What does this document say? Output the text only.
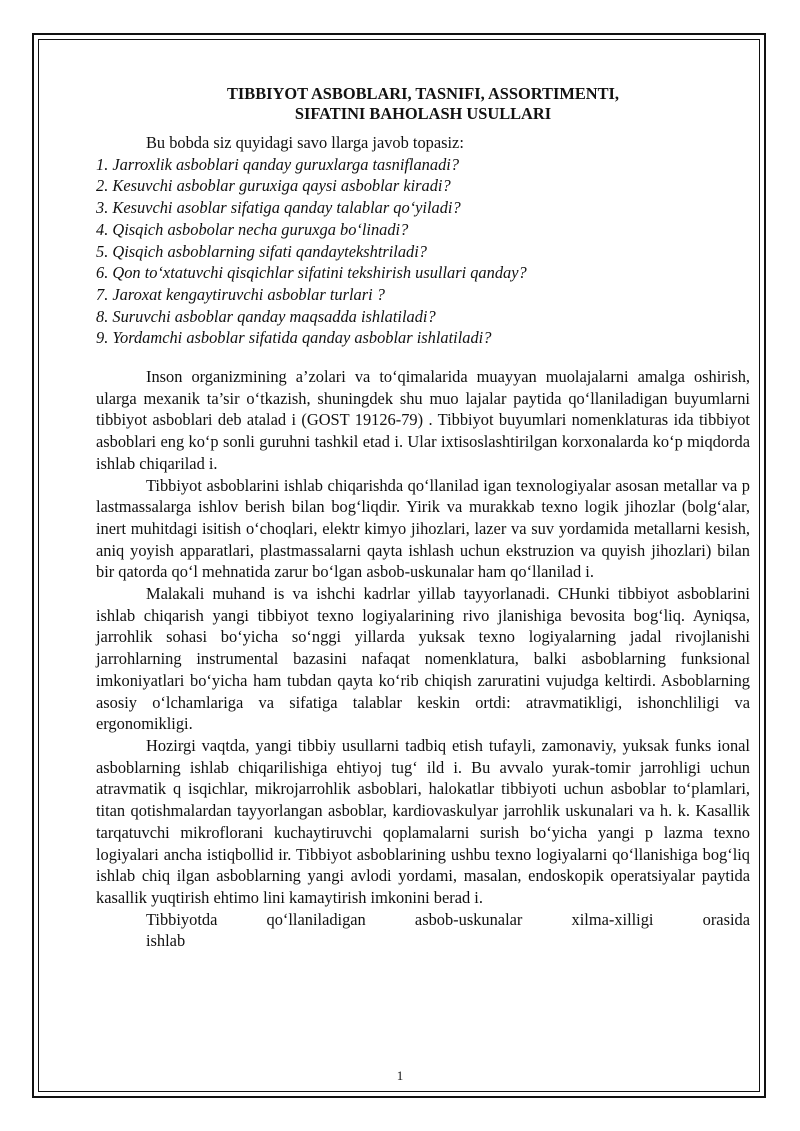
TIBBIYOT ASBOBLARI, TASNIFI, ASSORTIMENTI,
SIFATINI BAHOLASH USULLARI

Bu bobda siz quyidagi savo llarga javob topasiz:

1. Jarroxlik asboblari qanday guruxlarga tasniflanadi?
2. Kesuvchi asboblar guruxiga qaysi asboblar kiradi?
3. Kesuvchi asoblar sifatiga qanday talablar qo‘yiladi?
4. Qisqich asbobolar necha guruxga bo‘linadi?
5. Qisqich asboblarning sifati qandaytekshtriladi?
6. Qon to‘xtatuvchi qisqichlar sifatini tekshirish usullari qanday?
7. Jaroxat kengaytiruvchi asboblar turlari ?
8. Suruvchi asboblar qanday maqsadda ishlatiladi?
9. Yordamchi asboblar sifatida qanday asboblar ishlatiladi?

Inson organizmining a’zolari va to‘qimalarida muayyan muolajalarni amalga oshirish, ularga mexanik ta’sir o‘tkazish, shuningdek shu muo lajalar paytida qo‘llaniladigan buyumlarni tibbiyot asboblari deb atalad i (GOST 19126-79) . Tibbiyot buyumlari nomenklaturas ida tibbiyot asboblari eng ko‘p sonli guruhni tashkil etad i. Ular ixtisoslashtirilgan korxonalarda ko‘p miqdorda ishlab chiqarilad i.

Tibbiyot asboblarini ishlab chiqarishda qo‘llanilad igan texnologiyalar asosan metallar va p lastmassalarga ishlov berish bilan bog‘liqdir. Yirik va murakkab texno logik jihozlar (bolg‘alar, inert muhitdagi isitish o‘choqlari, elektr kimyo jihozlari, lazer va suv yordamida metallarni kesish, aniq yoyish apparatlari, plastmassalarni qayta ishlash uchun ekstruzion va quyish jihozlari) bilan bir qatorda qo‘l mehnatida zarur bo‘lgan asbob-uskunalar ham qo‘llanilad i.

Malakali muhand is va ishchi kadrlar yillab tayyorlanadi. CHunki tibbiyot asboblarini ishlab chiqarish yangi tibbiyot texno logiyalarining rivo jlanishiga bevosita bog‘liq. Ayniqsa, jarrohlik sohasi bo‘yicha so‘nggi yillarda yuksak texno logiyalarning jadal rivojlanishi jarrohlarning instrumental bazasini nafaqat nomenklatura, balki asboblarning funksional imkoniyatlari bo‘yicha ham tubdan qayta ko‘rib chiqish zaruratini vujudga keltirdi. Asboblarning asosiy o‘lchamlariga va sifatiga talablar keskin ortdi: atravmatikligi, ishonchliligi va ergonomikligi.

Hozirgi vaqtda, yangi tibbiy usullarni tadbiq etish tufayli, zamonaviy, yuksak funks ional asboblarning ishlab chiqarilishiga ehtiyoj tug‘ ild i. Bu avvalo yurak-tomir jarrohligi uchun atravmatik q isqichlar, mikrojarrohlik asboblari, halokatlar tibbiyoti uchun asboblar to‘plamlari, titan qotishmalardan tayyorlangan asboblar, kardiovaskulyar jarrohlik uskunalari va h. k. Kasallik tarqatuvchi mikroflorani kuchaytiruvchi qoplamalarni surish bo‘yicha yangi p lazma texno logiyalari ancha istiqbollid ir. Tibbiyot asboblarining ushbu texno logiyalarni qo‘llanishiga bog‘liq ishlab chiq ilgan asboblarning yangi avlodi yordami, masalan, endoskopik operatsiyalar paytida kasallik yuqtirish ehtimo lini kamaytirish imkonini berad i.

Tibbiyotda qo‘llaniladigan asbob-uskunalar xilma-xilligi orasida
ishlab
1
